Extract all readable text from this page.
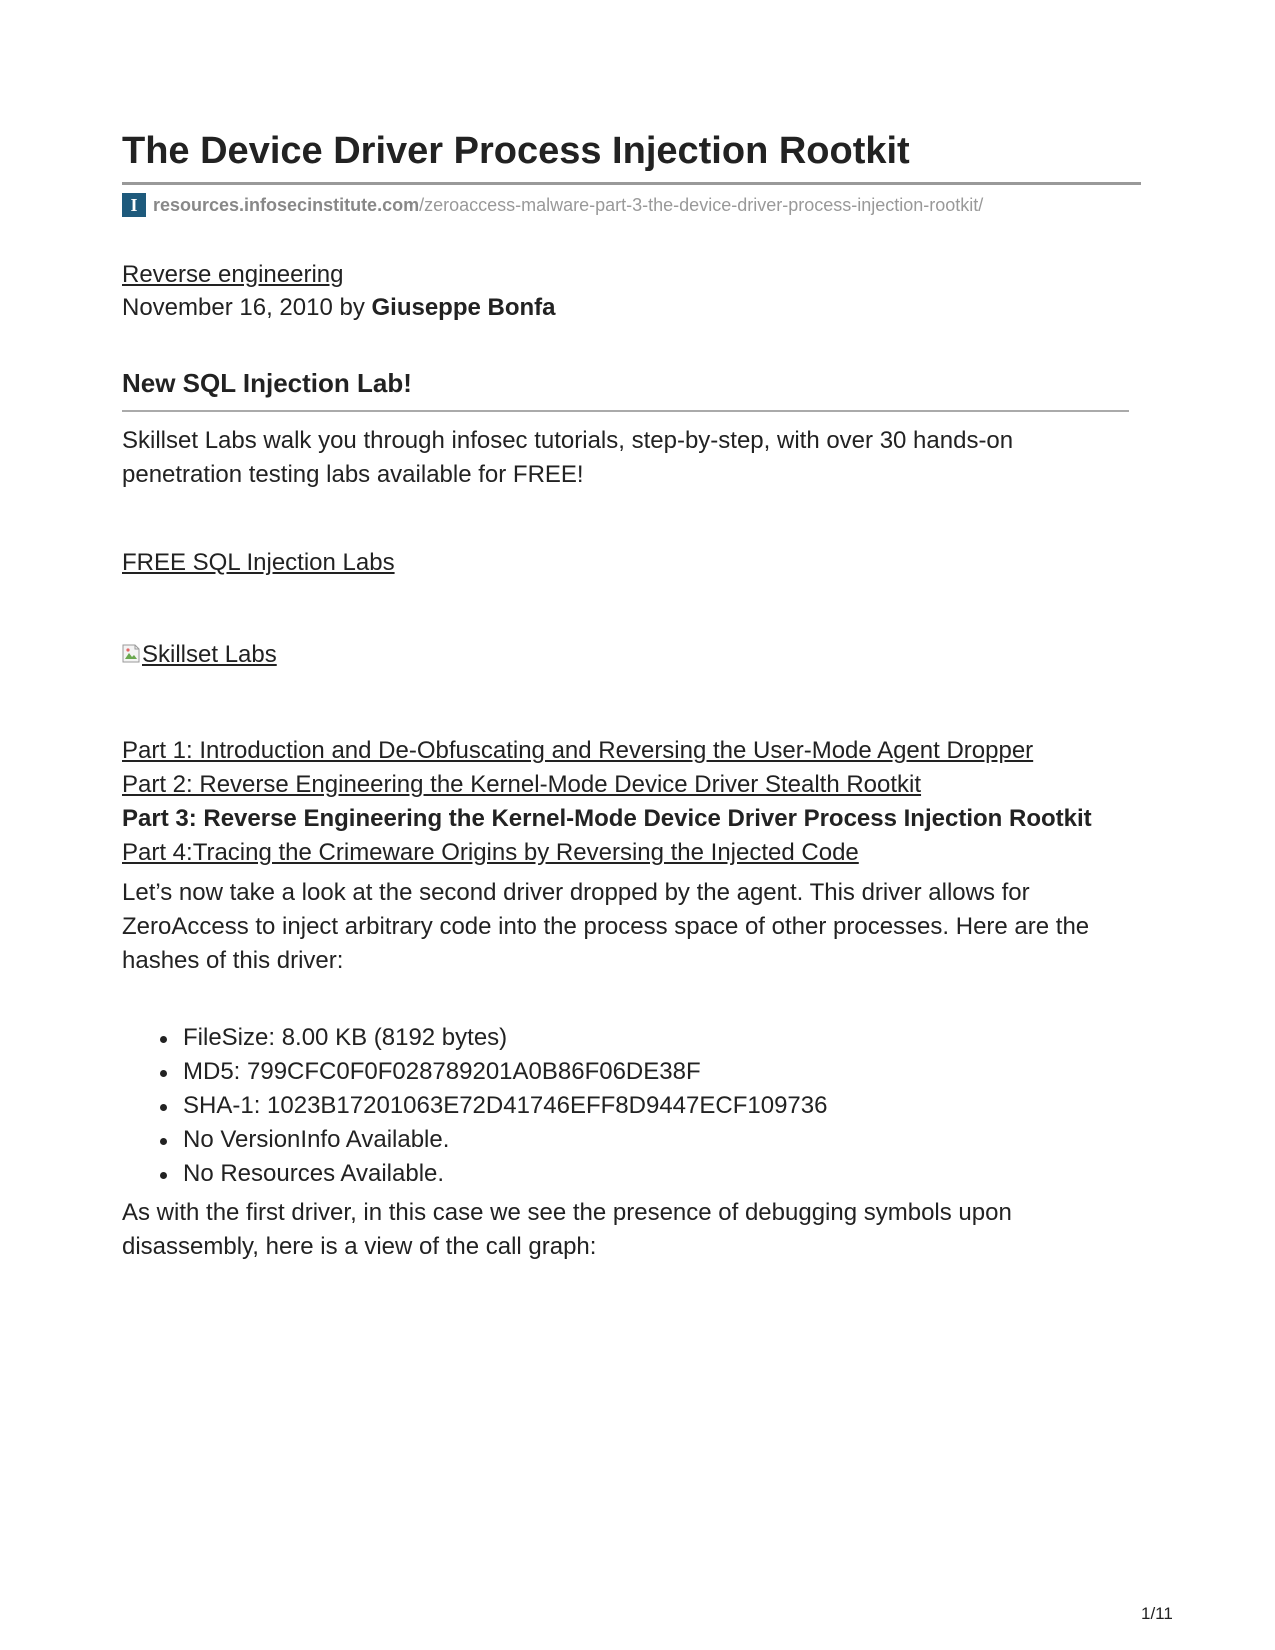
The Device Driver Process Injection Rootkit
I resources.infosecinstitute.com /zeroaccess-malware-part-3-the-device-driver-process-injection-rootkit/
Reverse engineering
November 16, 2010 by Giuseppe Bonfa
New SQL Injection Lab!

Skillset Labs walk you through infosec tutorials, step-by-step, with over 30 hands-on penetration testing labs available for FREE!

FREE SQL Injection Labs
Skillset Labs
Part 1: Introduction and De-Obfuscating and Reversing the User-Mode Agent Dropper
Part 2: Reverse Engineering the Kernel-Mode Device Driver Stealth Rootkit
Part 3: Reverse Engineering the Kernel-Mode Device Driver Process Injection Rootkit
Part 4:Tracing the Crimeware Origins by Reversing the Injected Code

Let’s now take a look at the second driver dropped by the agent. This driver allows for ZeroAccess to inject arbitrary code into the process space of other processes. Here are the hashes of this driver:

FileSize: 8.00 KB (8192 bytes)
MD5: 799CFC0F0F028789201A0B86F06DE38F
SHA-1: 1023B17201063E72D41746EFF8D9447ECF109736
No VersionInfo Available.
No Resources Available.

As with the first driver, in this case we see the presence of debugging symbols upon disassembly, here is a view of the call graph:

1/11
